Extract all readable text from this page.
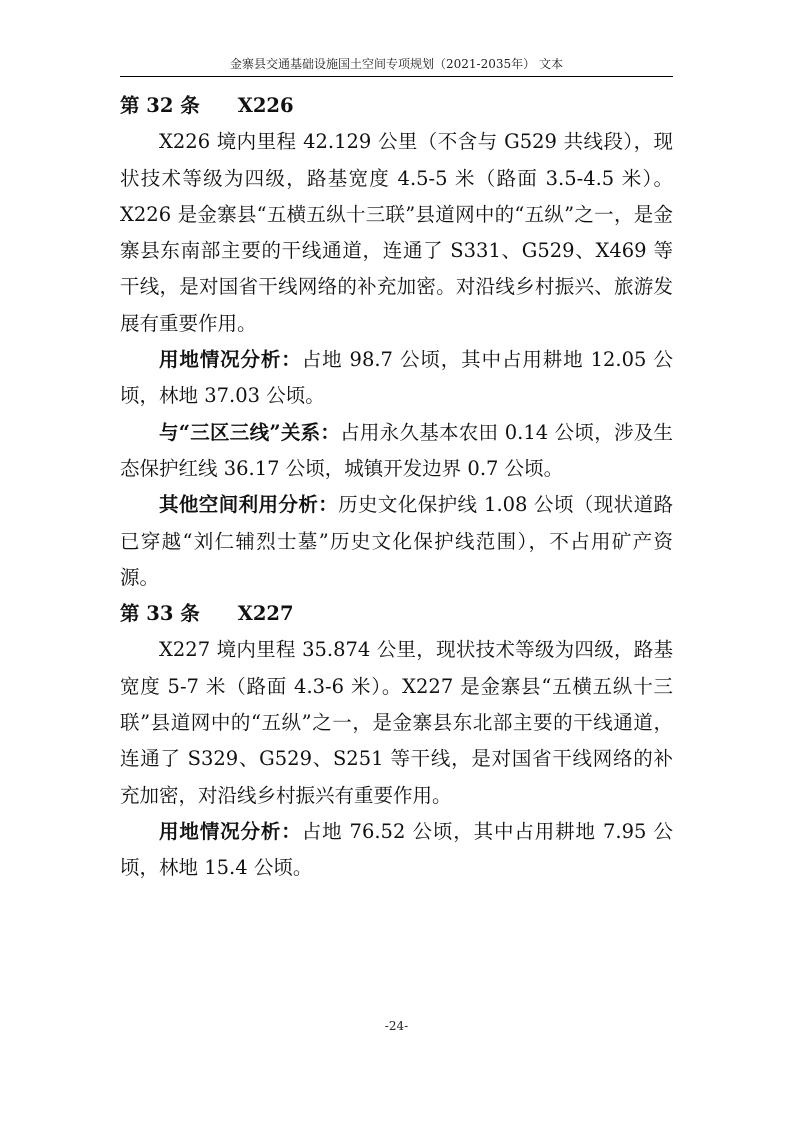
金寨县交通基础设施国土空间专项规划（2021-2035年） 文本

第 32 条 X226

X226 境内里程 42.129 公里（不含与 G529 共线段），现状技术等级为四级，路基宽度 4.5-5 米（路面 3.5-4.5 米）。X226 是金寨县“五横五纵十三联”县道网中的“五纵”之一，是金寨县东南部主要的干线通道，连通了 S331、G529、X469 等干线，是对国省干线网络的补充加密。对沿线乡村振兴、旅游发展有重要作用。

用地情况分析：占地 98.7 公顷，其中占用耕地 12.05 公顷，林地 37.03 公顷。

与“三区三线”关系：占用永久基本农田 0.14 公顷，涉及生态保护红线 36.17 公顷，城镇开发边界 0.7 公顷。

其他空间利用分析：历史文化保护线 1.08 公顷（现状道路已穿越“刘仁辅烈士墓”历史文化保护线范围），不占用矿产资源。

第 33 条 X227

X227 境内里程 35.874 公里，现状技术等级为四级，路基宽度 5-7 米（路面 4.3-6 米）。X227 是金寨县“五横五纵十三联”县道网中的“五纵”之一，是金寨县东北部主要的干线通道，连通了 S329、G529、S251 等干线，是对国省干线网络的补充加密，对沿线乡村振兴有重要作用。

用地情况分析：占地 76.52 公顷，其中占用耕地 7.95 公顷，林地 15.4 公顷。

-24-
